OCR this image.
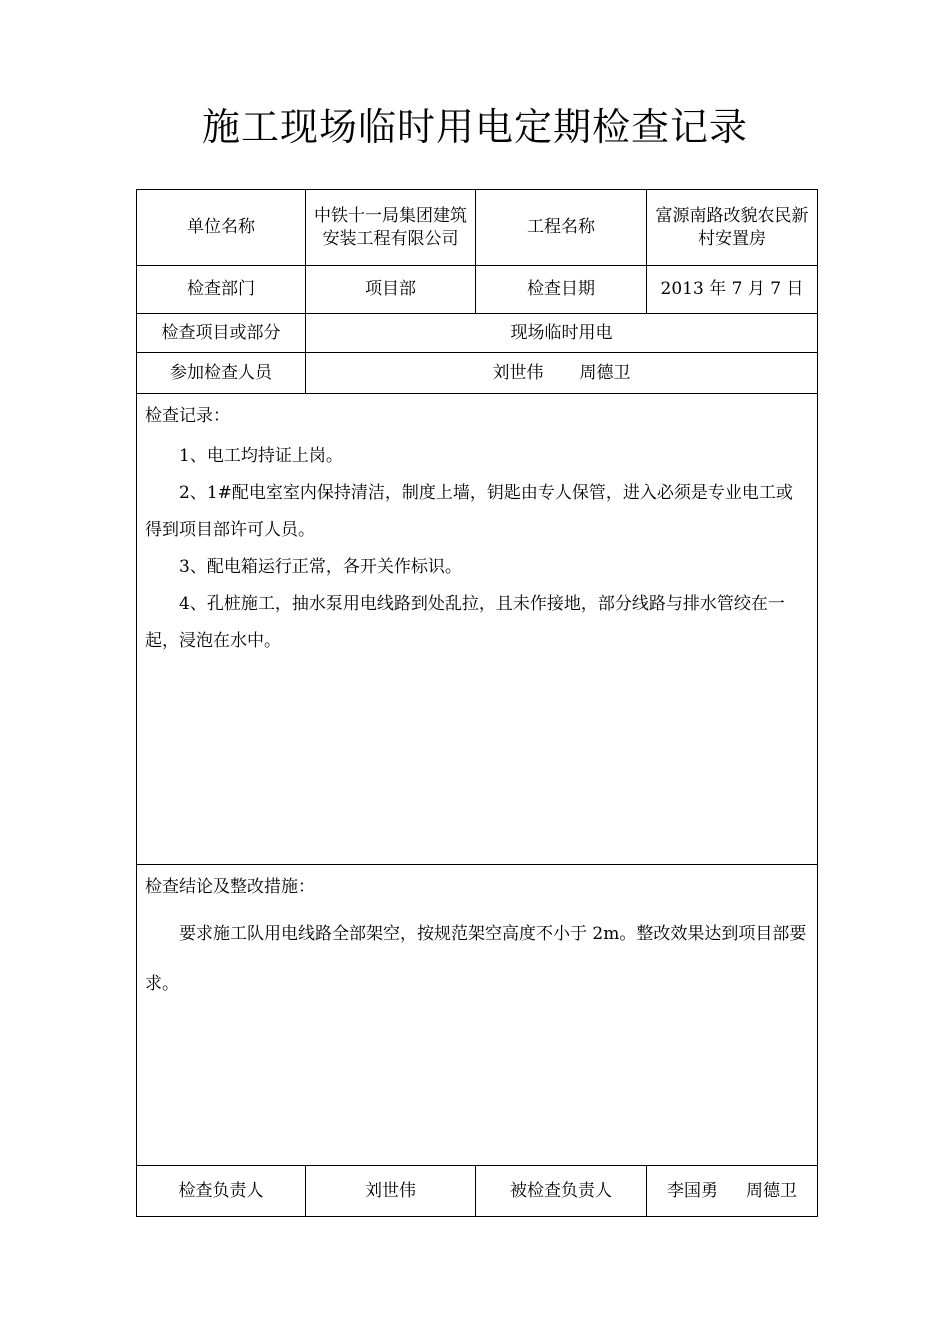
施工现场临时用电定期检查记录
单位名称	中铁十一局集团建筑安装工程有限公司	工程名称	富源南路改貌农民新村安置房
检查部门	项目部	检查日期	2013 年 7 月 7 日
检查项目或部分	现场临时用电		
参加检查人员	刘世伟 周德卫		

检查记录：

1、电工均持证上岗。

2、1#配电室室内保持清洁，制度上墙，钥匙由专人保管，进入必须是专业电工或得到项目部许可人员。

3、配电箱运行正常，各开关作标识。

4、孔桩施工，抽水泵用电线路到处乱拉，且未作接地，部分线路与排水管绞在一起，浸泡在水中。			

检查结论及整改措施：

要求施工队用电线路全部架空，按规范架空高度不小于 2m。整改效果达到项目部要求。			

检查负责人	刘世伟	被检查负责人	李国勇 周德卫
